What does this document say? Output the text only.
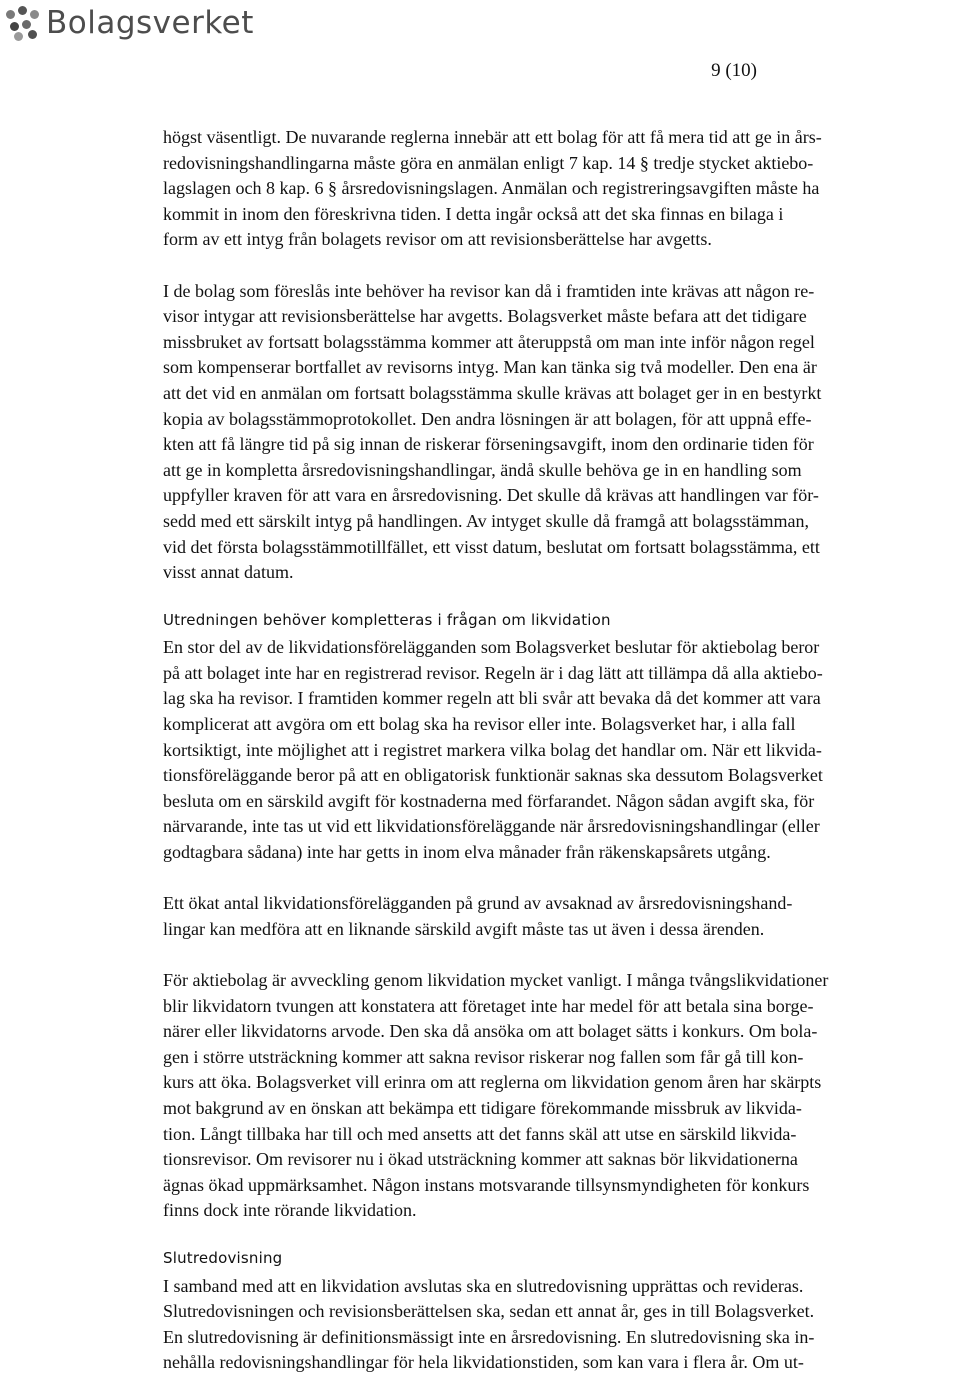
Bolagsverket
9 (10)
högst väsentligt. De nuvarande reglerna innebär att ett bolag för att få mera tid att ge in års-
redovisningshandlingarna måste göra en anmälan enligt 7 kap. 14 § tredje stycket aktiebo-
lagslagen och 8 kap. 6 § årsredovisningslagen. Anmälan och registreringsavgiften måste ha
kommit in inom den föreskrivna tiden. I detta ingår också att det ska finnas en bilaga i
form av ett intyg från bolagets revisor om att revisionsberättelse har avgetts.
I de bolag som föreslås inte behöver ha revisor kan då i framtiden inte krävas att någon re-
visor intygar att revisionsberättelse har avgetts. Bolagsverket måste befara att det tidigare
missbruket av fortsatt bolagsstämma kommer att återuppstå om man inte inför någon regel
som kompenserar bortfallet av revisorns intyg. Man kan tänka sig två modeller. Den ena är
att det vid en anmälan om fortsatt bolagsstämma skulle krävas att bolaget ger in en bestyrkt
kopia av bolagsstämmoprotokollet. Den andra lösningen är att bolagen, för att uppnå effe-
kten att få längre tid på sig innan de riskerar förseningsavgift, inom den ordinarie tiden för
att ge in kompletta årsredovisningshandlingar, ändå skulle behöva ge in en handling som
uppfyller kraven för att vara en årsredovisning. Det skulle då krävas att handlingen var för-
sedd med ett särskilt intyg på handlingen. Av intyget skulle då framgå att bolagsstämman,
vid det första bolagsstämmotillfället, ett visst datum, beslutat om fortsatt bolagsstämma, ett
visst annat datum.
Utredningen behöver kompletteras i frågan om likvidation
En stor del av de likvidationsförelägganden som Bolagsverket beslutar för aktiebolag beror
på att bolaget inte har en registrerad revisor. Regeln är i dag lätt att tillämpa då alla aktiebo-
lag ska ha revisor. I framtiden kommer regeln att bli svår att bevaka då det kommer att vara
komplicerat att avgöra om ett bolag ska ha revisor eller inte. Bolagsverket har, i alla fall
kortsiktigt, inte möjlighet att i registret markera vilka bolag det handlar om. När ett likvida-
tionsföreläggande beror på att en obligatorisk funktionär saknas ska dessutom Bolagsverket
besluta om en särskild avgift för kostnaderna med förfarandet. Någon sådan avgift ska, för
närvarande, inte tas ut vid ett likvidationsföreläggande när årsredovisningshandlingar (eller
godtagbara sådana) inte har getts in inom elva månader från räkenskapsårets utgång.
Ett ökat antal likvidationsförelägganden på grund av avsaknad av årsredovisningshand-
lingar kan medföra att en liknande särskild avgift måste tas ut även i dessa ärenden.
För aktiebolag är avveckling genom likvidation mycket vanligt. I många tvångslikvidationer
blir likvidatorn tvungen att konstatera att företaget inte har medel för att betala sina borge-
närer eller likvidatorns arvode. Den ska då ansöka om att bolaget sätts i konkurs. Om bola-
gen i större utsträckning kommer att sakna revisor riskerar nog fallen som får gå till kon-
kurs att öka. Bolagsverket vill erinra om att reglerna om likvidation genom åren har skärpts
mot bakgrund av en önskan att bekämpa ett tidigare förekommande missbruk av likvida-
tion. Långt tillbaka har till och med ansetts att det fanns skäl att utse en särskild likvida-
tionsrevisor. Om revisorer nu i ökad utsträckning kommer att saknas bör likvidationerna
ägnas ökad uppmärksamhet. Någon instans motsvarande tillsynsmyndigheten för konkurs
finns dock inte rörande likvidation.
Slutredovisning
I samband med att en likvidation avslutas ska en slutredovisning upprättas och revideras.
Slutredovisningen och revisionsberättelsen ska, sedan ett annat år, ges in till Bolagsverket.
En slutredovisning är definitionsmässigt inte en årsredovisning. En slutredovisning ska in-
nehålla redovisningshandlingar för hela likvidationstiden, som kan vara i flera år. Om ut-
